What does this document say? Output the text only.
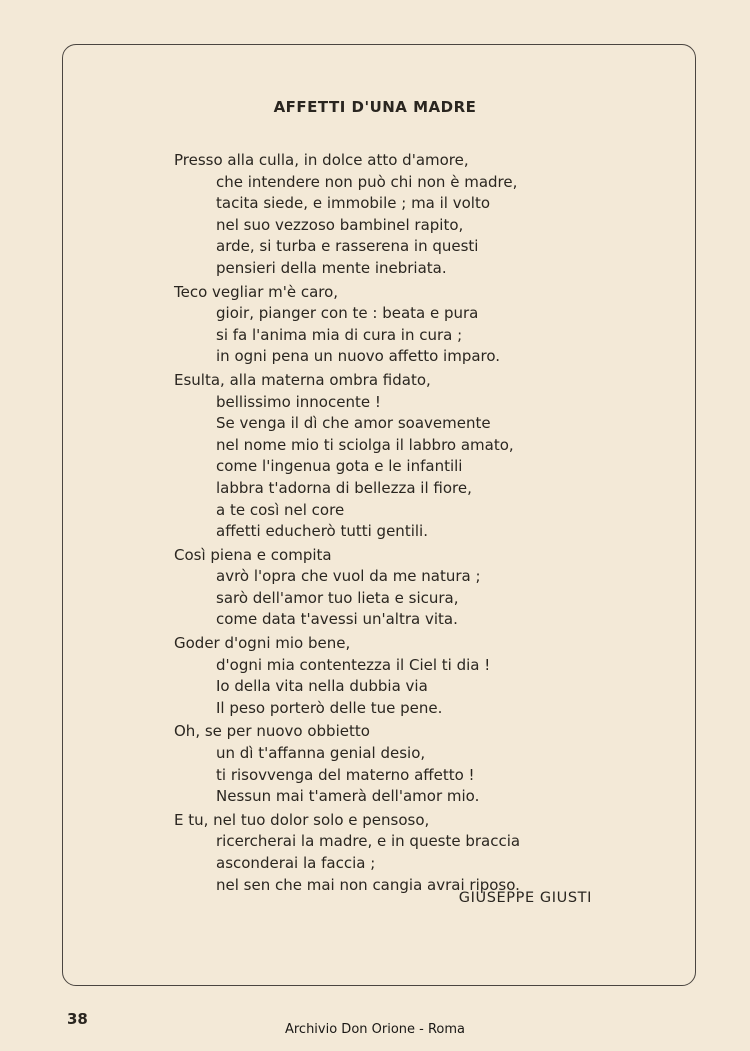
AFFETTI D'UNA MADRE
Presso alla culla, in dolce atto d'amore,
che intendere non può chi non è madre,
tacita siede, e immobile ; ma il volto
nel suo vezzoso bambinel rapito,
arde, si turba e rasserena in questi
pensieri della mente inebriata.
Teco vegliar m'è caro,
gioir, pianger con te : beata e pura
si fa l'anima mia di cura in cura ;
in ogni pena un nuovo affetto imparo.
Esulta, alla materna ombra fidato,
bellissimo innocente !
Se venga il dì che amor soavemente
nel nome mio ti sciolga il labbro amato,
come l'ingenua gota e le infantili
labbra t'adorna di bellezza il fiore,
a te così nel core
affetti educherò tutti gentili.
Così piena e compita
avrò l'opra che vuol da me natura ;
sarò dell'amor tuo lieta e sicura,
come data t'avessi un'altra vita.
Goder d'ogni mio bene,
d'ogni mia contentezza il Ciel ti dia !
Io della vita nella dubbia via
Il peso porterò delle tue pene.
Oh, se per nuovo obbietto
un dì t'affanna genial desio,
ti risovvenga del materno affetto !
Nessun mai t'amerà dell'amor mio.
E tu, nel tuo dolor solo e pensoso,
ricercherai la madre, e in queste braccia
asconderai la faccia ;
nel sen che mai non cangia avrai riposo.
GIUSEPPE GIUSTI
38
Archivio Don Orione - Roma
